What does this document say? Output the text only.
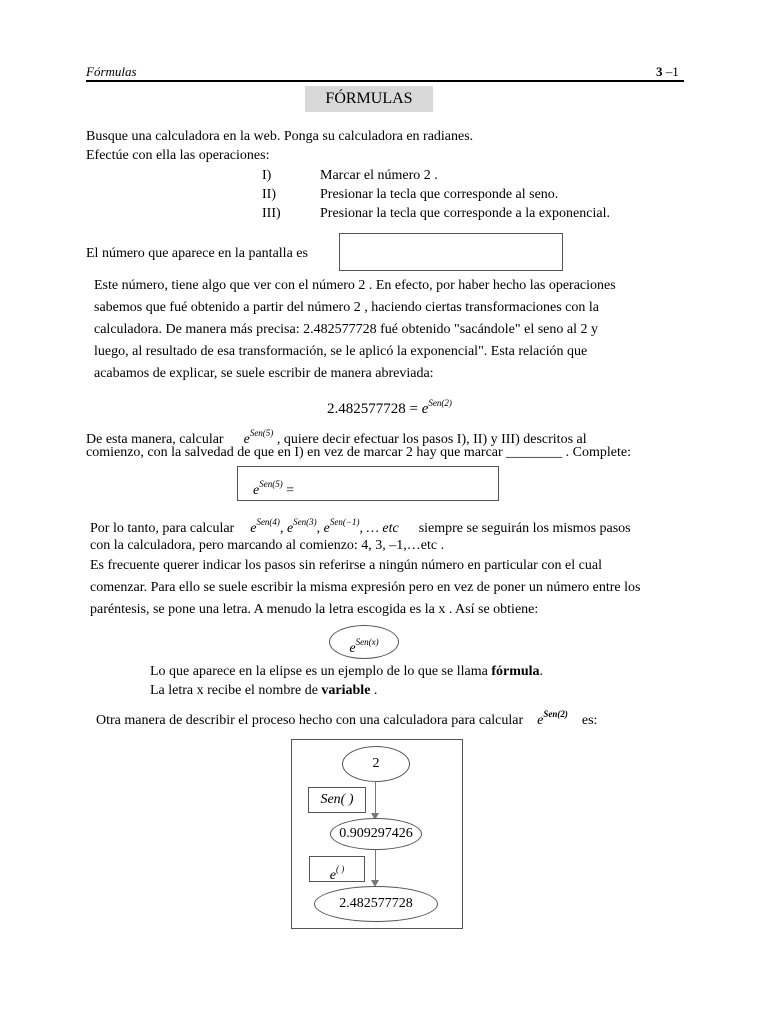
Fórmulas	3 –1
FÓRMULAS
Busque una calculadora en la web. Ponga su calculadora en radianes.
Efectúe con ella las operaciones:
I)	Marcar el número 2 .
II)	Presionar la tecla que corresponde al seno.
III)	Presionar la tecla que corresponde a la exponencial.
El número que aparece en la pantalla es
Este número, tiene algo que ver con el número 2 . En efecto, por haber hecho las operaciones
sabemos que fué obtenido a partir del número 2 , haciendo ciertas transformaciones con la
calculadora. De manera más precisa: 2.482577728 fué obtenido "sacándole" el seno al 2 y
luego, al resultado de esa transformación, se le aplicó la exponencial". Esta relación que
acabamos de explicar, se suele escribir de manera abreviada:
$2.482577728 = e^{Sen(2)}$
De esta manera, calcular $e^{Sen(5)}$ , quiere decir efectuar los pasos I), II) y III) descritos al
comienzo, con la salvedad de que en I) en vez de marcar 2 hay que marcar ________ . Complete:
$e^{Sen(5)}$ =
Por lo tanto, para calcular $e^{Sen(4)}$, $e^{Sen(3)}$, $e^{Sen(-1)}$, … etc siempre se seguirán los mismos pasos
con la calculadora, pero marcando al comienzo: 4, 3, –1,…etc .
Es frecuente querer indicar los pasos sin referirse a ningún número en particular con el cual
comenzar. Para ello se suele escribir la misma expresión pero en vez de poner un número entre los
paréntesis, se pone una letra. A menudo la letra escogida es la x . Así se obtiene:
$e^{Sen(x)}$
Lo que aparece en la elipse es un ejemplo de lo que se llama fórmula.
La letra x recibe el nombre de variable .
Otra manera de describir el proceso hecho con una calculadora para calcular $e^{Sen(2)}$ es:
2
Sen( )
0.909297426
e( )
2.482577728
